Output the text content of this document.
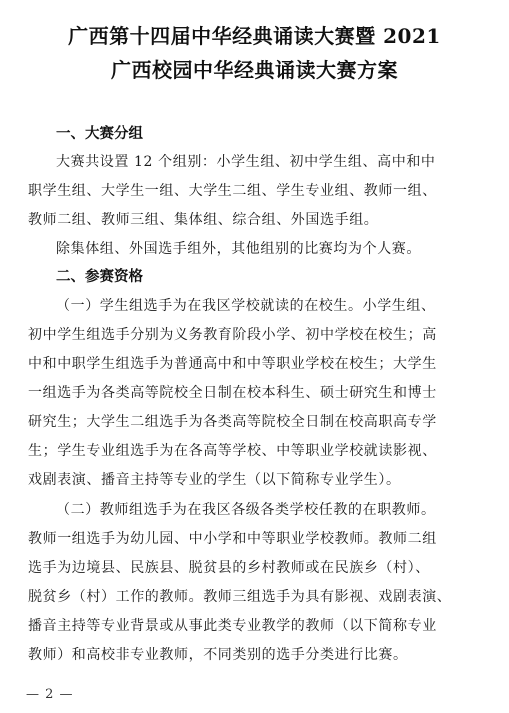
广西第十四届中华经典诵读大赛暨 2021
广西校园中华经典诵读大赛方案
一、大赛分组
大赛共设置 12 个组别：小学生组、初中学生组、高中和中
职学生组、大学生一组、大学生二组、学生专业组、教师一组、
教师二组、教师三组、集体组、综合组、外国选手组。
除集体组、外国选手组外，其他组别的比赛均为个人赛。
二、参赛资格
（一）学生组选手为在我区学校就读的在校生。小学生组、
初中学生组选手分别为义务教育阶段小学、初中学校在校生；高
中和中职学生组选手为普通高中和中等职业学校在校生；大学生
一组选手为各类高等院校全日制在校本科生、硕士研究生和博士
研究生；大学生二组选手为各类高等院校全日制在校高职高专学
生；学生专业组选手为在各高等学校、中等职业学校就读影视、
戏剧表演、播音主持等专业的学生（以下简称专业学生）。
（二）教师组选手为在我区各级各类学校任教的在职教师。
教师一组选手为幼儿园、中小学和中等职业学校教师。教师二组
选手为边境县、民族县、脱贫县的乡村教师或在民族乡（村）、
脱贫乡（村）工作的教师。教师三组选手为具有影视、戏剧表演、
播音主持等专业背景或从事此类专业教学的教师（以下简称专业
教师）和高校非专业教师，不同类别的选手分类进行比赛。
— 2 —
